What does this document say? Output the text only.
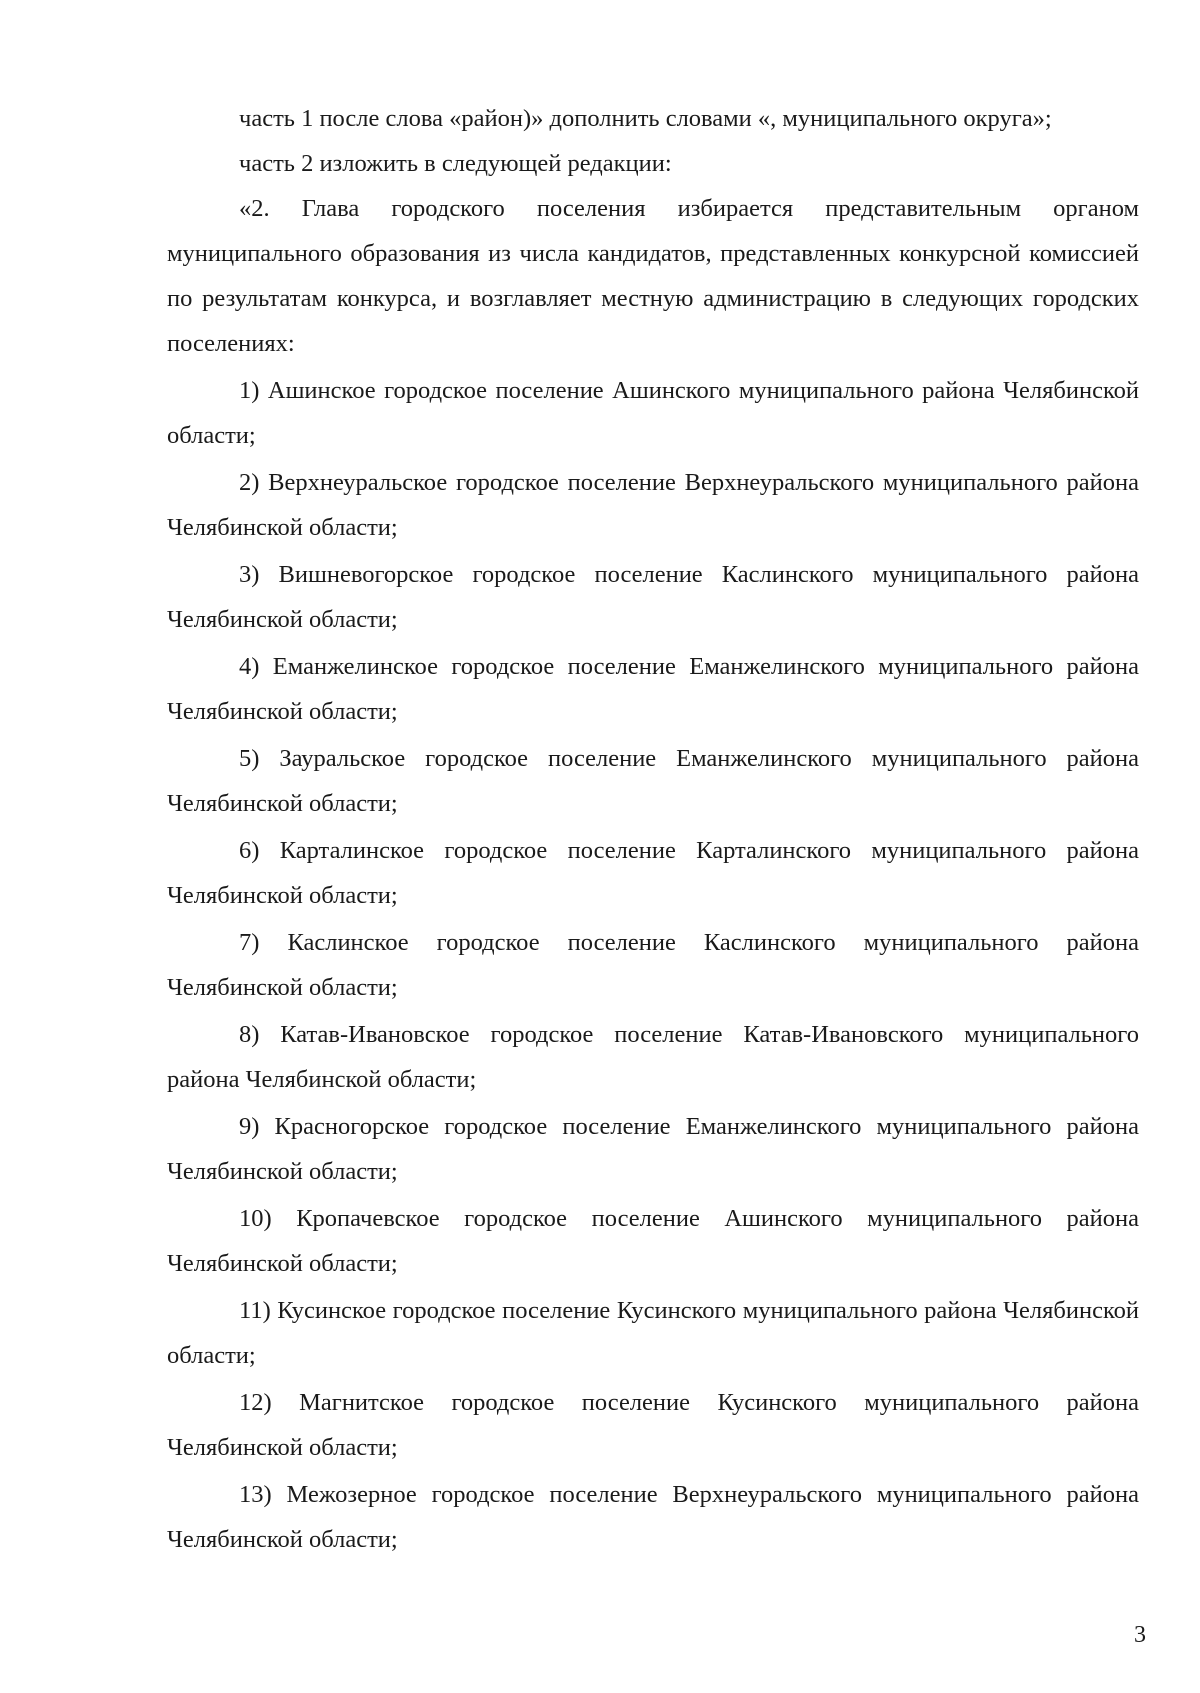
часть 1 после слова «район)» дополнить словами «, муниципального округа»;

часть 2 изложить в следующей редакции:

«2. Глава городского поселения избирается представительным органом муниципального образования из числа кандидатов, представленных конкурсной комиссией по результатам конкурса, и возглавляет местную администрацию в следующих городских поселениях:

1) Ашинское городское поселение Ашинского муниципального района Челябинской области;

2) Верхнеуральское городское поселение Верхнеуральского муниципального района Челябинской области;

3) Вишневогорское городское поселение Каслинского муниципального района Челябинской области;

4) Еманжелинское городское поселение Еманжелинского муниципального района Челябинской области;

5) Зауральское городское поселение Еманжелинского муниципального района Челябинской области;

6) Карталинское городское поселение Карталинского муниципального района Челябинской области;

7) Каслинское городское поселение Каслинского муниципального района Челябинской области;

8) Катав-Ивановское городское поселение Катав-Ивановского муниципального района Челябинской области;

9) Красногорское городское поселение Еманжелинского муниципального района Челябинской области;

10) Кропачевское городское поселение Ашинского муниципального района Челябинской области;

11) Кусинское городское поселение Кусинского муниципального района Челябинской области;

12) Магнитское городское поселение Кусинского муниципального района Челябинской области;

13) Межозерное городское поселение Верхнеуральского муниципального района Челябинской области;

3
